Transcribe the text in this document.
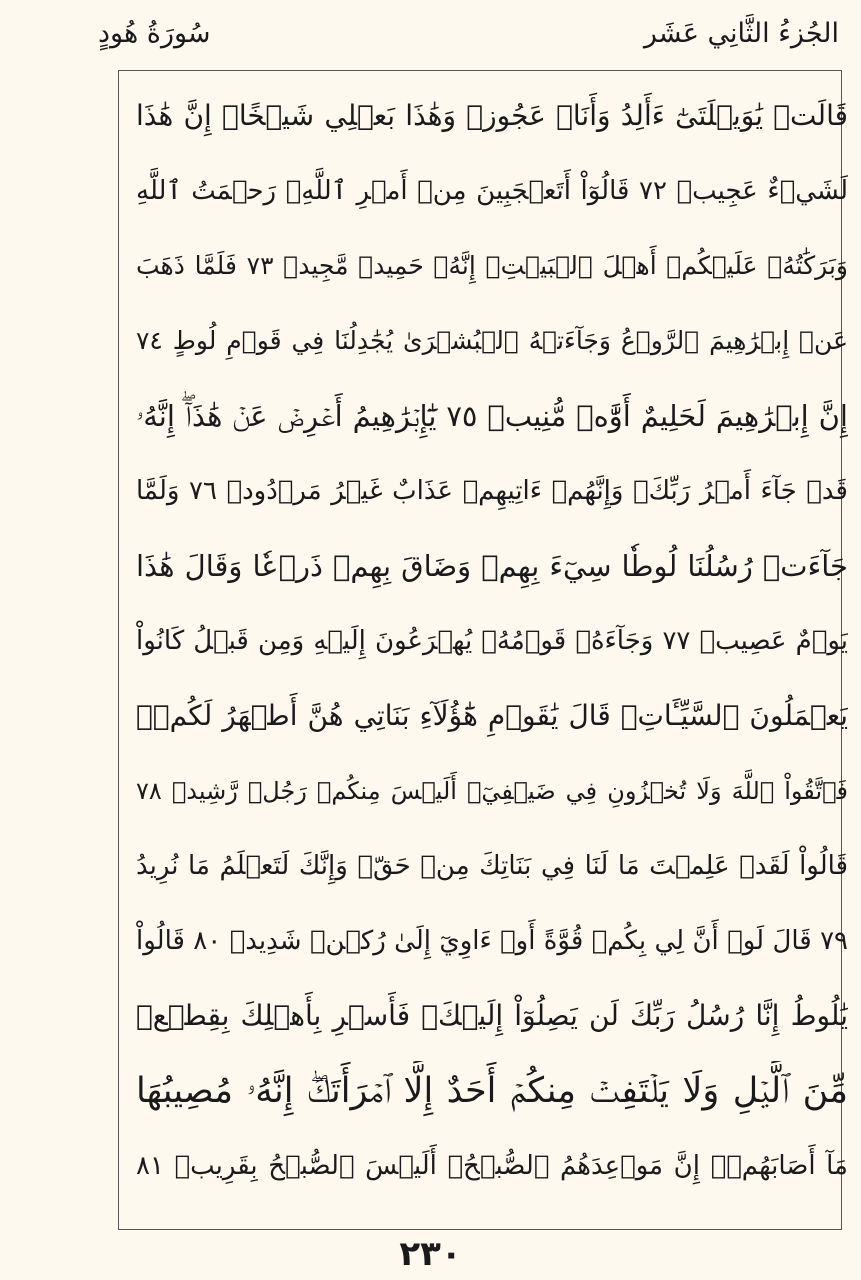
الجُزءُ الثَّانِي عَشَر
سُورَةُ هُودٍ
قَالَتۡ يَٰوَيۡلَتَىٰٓ ءَأَلِدُ وَأَنَا۠ عَجُوزٞ وَهَٰذَا بَعۡلِي شَيۡخًاۖ إِنَّ هَٰذَا
لَشَيۡءٌ عَجِيبٞ ٧٢ قَالُوٓاْ أَتَعۡجَبِينَ مِنۡ أَمۡرِ ٱللَّهِۖ رَحۡمَتُ ٱللَّهِ
وَبَرَكَٰتُهُۥ عَلَيۡكُمۡ أَهۡلَ ٱلۡبَيۡتِۚ إِنَّهُۥ حَمِيدٞ مَّجِيدٞ ٧٣ فَلَمَّا ذَهَبَ
عَنۡ إِبۡرَٰهِيمَ ٱلرَّوۡعُ وَجَآءَتۡهُ ٱلۡبُشۡرَىٰ يُجَٰدِلُنَا فِي قَوۡمِ لُوطٍ ٧٤
إِنَّ إِبۡرَٰهِيمَ لَحَلِيمٌ أَوَّٰهٞ مُّنِيبٞ ٧٥ يَٰٓإِبۡرَٰهِيمُ أَعۡرِضۡ عَنۡ هَٰذَآۖ إِنَّهُۥ
قَدۡ جَآءَ أَمۡرُ رَبِّكَۖ وَإِنَّهُمۡ ءَاتِيهِمۡ عَذَابٌ غَيۡرُ مَرۡدُودٖ ٧٦ وَلَمَّا
جَآءَتۡ رُسُلُنَا لُوطٗا سِيٓءَ بِهِمۡ وَضَاقَ بِهِمۡ ذَرۡعٗا وَقَالَ هَٰذَا
يَوۡمٌ عَصِيبٞ ٧٧ وَجَآءَهُۥ قَوۡمُهُۥ يُهۡرَعُونَ إِلَيۡهِ وَمِن قَبۡلُ كَانُواْ
يَعۡمَلُونَ ٱلسَّيِّـَٔاتِۚ قَالَ يَٰقَوۡمِ هَٰٓؤُلَآءِ بَنَاتِي هُنَّ أَطۡهَرُ لَكُمۡۖ
فَٱتَّقُواْ ٱللَّهَ وَلَا تُخۡزُونِ فِي ضَيۡفِيٓۖ أَلَيۡسَ مِنكُمۡ رَجُلٞ رَّشِيدٞ ٧٨
قَالُواْ لَقَدۡ عَلِمۡتَ مَا لَنَا فِي بَنَاتِكَ مِنۡ حَقّٖ وَإِنَّكَ لَتَعۡلَمُ مَا نُرِيدُ
٧٩ قَالَ لَوۡ أَنَّ لِي بِكُمۡ قُوَّةً أَوۡ ءَاوِيٓ إِلَىٰ رُكۡنٖ شَدِيدٖ ٨٠ قَالُواْ
يَٰلُوطُ إِنَّا رُسُلُ رَبِّكَ لَن يَصِلُوٓاْ إِلَيۡكَۖ فَأَسۡرِ بِأَهۡلِكَ بِقِطۡعٖ
مِّنَ ٱلَّيۡلِ وَلَا يَلۡتَفِتۡ مِنكُمۡ أَحَدٌ إِلَّا ٱمۡرَأَتَكَۖ إِنَّهُۥ مُصِيبُهَا
مَآ أَصَابَهُمۡۚ إِنَّ مَوۡعِدَهُمُ ٱلصُّبۡحُۚ أَلَيۡسَ ٱلصُّبۡحُ بِقَرِيبٖ ٨١
٢٣٠
